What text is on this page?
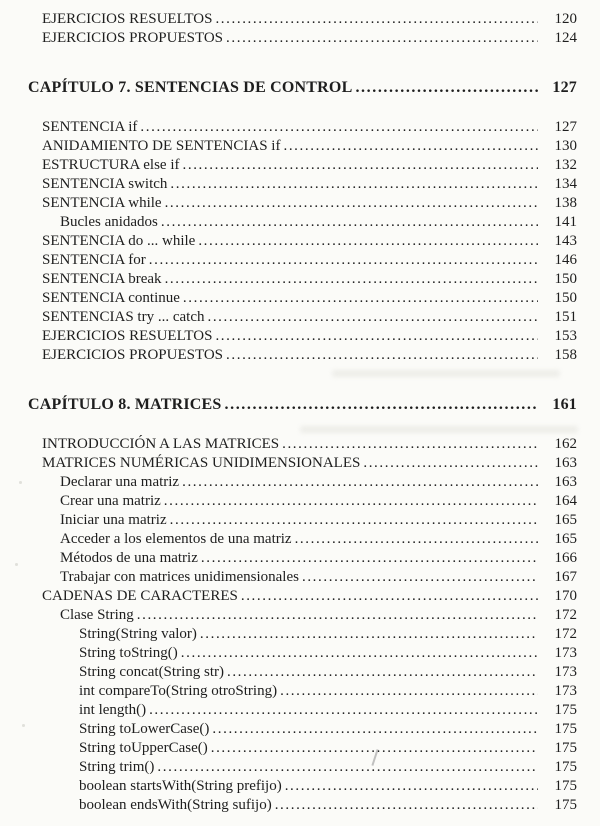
EJERCICIOS RESUELTOS .....	120
EJERCICIOS PROPUESTOS .....	124
CAPÍTULO 7. SENTENCIAS DE CONTROL .....	127
SENTENCIA if .....	127
ANIDAMIENTO DE SENTENCIAS if .....	130
ESTRUCTURA else if .....	132
SENTENCIA switch .....	134
SENTENCIA while .....	138
Bucles anidados .....	141
SENTENCIA do ... while .....	143
SENTENCIA for .....	146
SENTENCIA break .....	150
SENTENCIA continue .....	150
SENTENCIAS try ... catch .....	151
EJERCICIOS RESUELTOS .....	153
EJERCICIOS PROPUESTOS .....	158
CAPÍTULO 8. MATRICES .....	161
INTRODUCCIÓN A LAS MATRICES .....	162
MATRICES NUMÉRICAS UNIDIMENSIONALES .....	163
Declarar una matriz .....	163
Crear una matriz .....	164
Iniciar una matriz .....	165
Acceder a los elementos de una matriz .....	165
Métodos de una matriz .....	166
Trabajar con matrices unidimensionales .....	167
CADENAS DE CARACTERES .....	170
Clase String .....	172
String(String valor) .....	172
String toString() .....	173
String concat(String str) .....	173
int compareTo(String otroString) .....	173
int length() .....	175
String toLowerCase() .....	175
String toUpperCase() .....	175
String trim() .....	175
boolean startsWith(String prefijo) .....	175
boolean endsWith(String sufijo) .....	175
